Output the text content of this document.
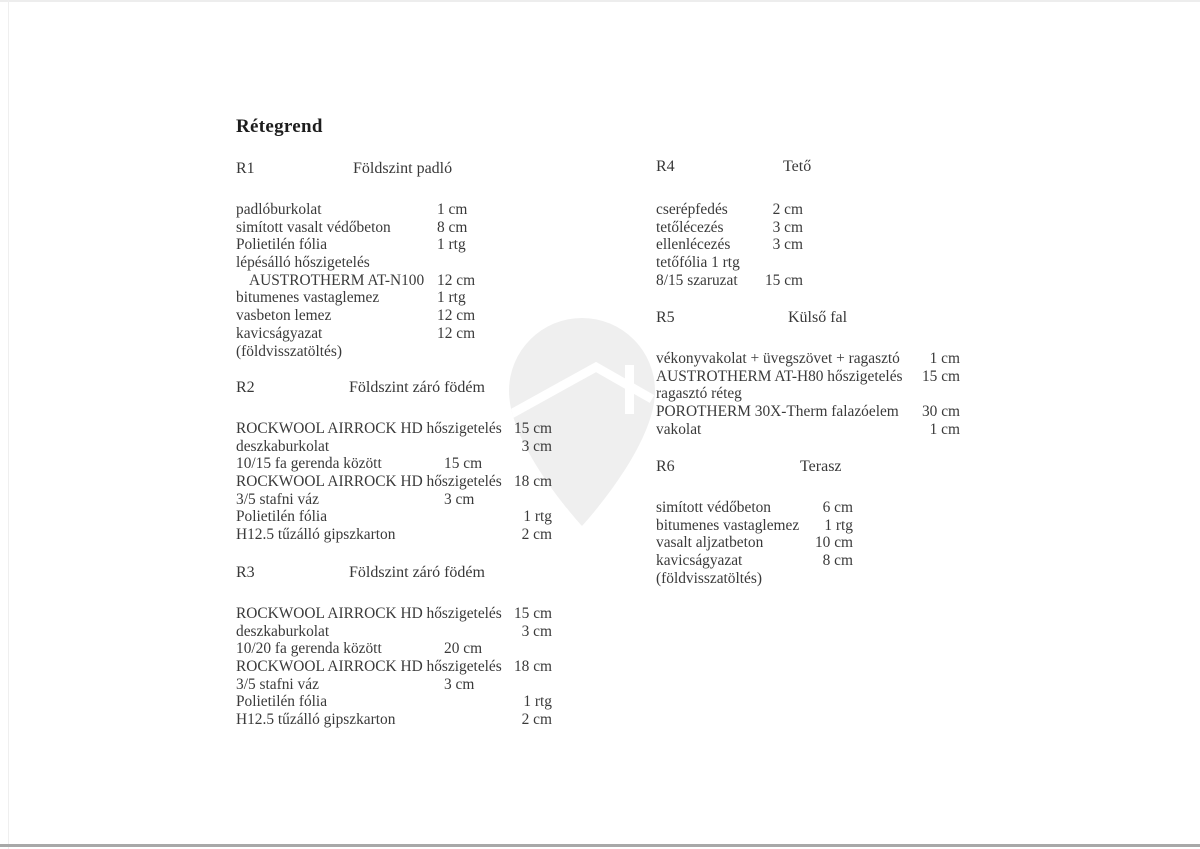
Rétegrend
R1	Földszint padló
padlóburkolat	1 cm
simított vasalt védőbeton	8 cm
Polietilén fólia	1 rtg
lépésálló hőszigetelés
AUSTROTHERM AT-N100 12 cm
bitumenes vastaglemez	1 rtg
vasbeton lemez	12 cm
kavicságyazat	12 cm
(földvisszatöltés)
R2	Földszint záró födém
ROCKWOOL AIRROCK HD hőszigetelés 15 cm
deszkaburkolat	3 cm
10/15 fa gerenda között	15 cm
ROCKWOOL AIRROCK HD hőszigetelés 18 cm
3/5 stafni váz	3 cm
Polietilén fólia	1 rtg
H12.5 tűzálló gipszkarton	2 cm
R3	Földszint záró födém
ROCKWOOL AIRROCK HD hőszigetelés 15 cm
deszkaburkolat	3 cm
10/20 fa gerenda között	20 cm
ROCKWOOL AIRROCK HD hőszigetelés 18 cm
3/5 stafni váz	3 cm
Polietilén fólia	1 rtg
H12.5 tűzálló gipszkarton	2 cm
R4	Tető
cserépfedés	2 cm
tetőlécezés	3 cm
ellenlécezés	3 cm
tetőfólia 1 rtg
8/15 szaruzat 15 cm
R5	Külső fal
vékonyvakolat + üvegszövet + ragasztó 1 cm
AUSTROTHERM AT-H80 hőszigetelés 15 cm
ragasztó réteg
POROTHERM 30X-Therm falazóelem 30 cm
vakolat	1 cm
R6	Terasz
simított védőbeton	6 cm
bitumenes vastaglemez 1 rtg
vasalt aljzatbeton	10 cm
kavicságyazat	8 cm
(földvisszatöltés)
